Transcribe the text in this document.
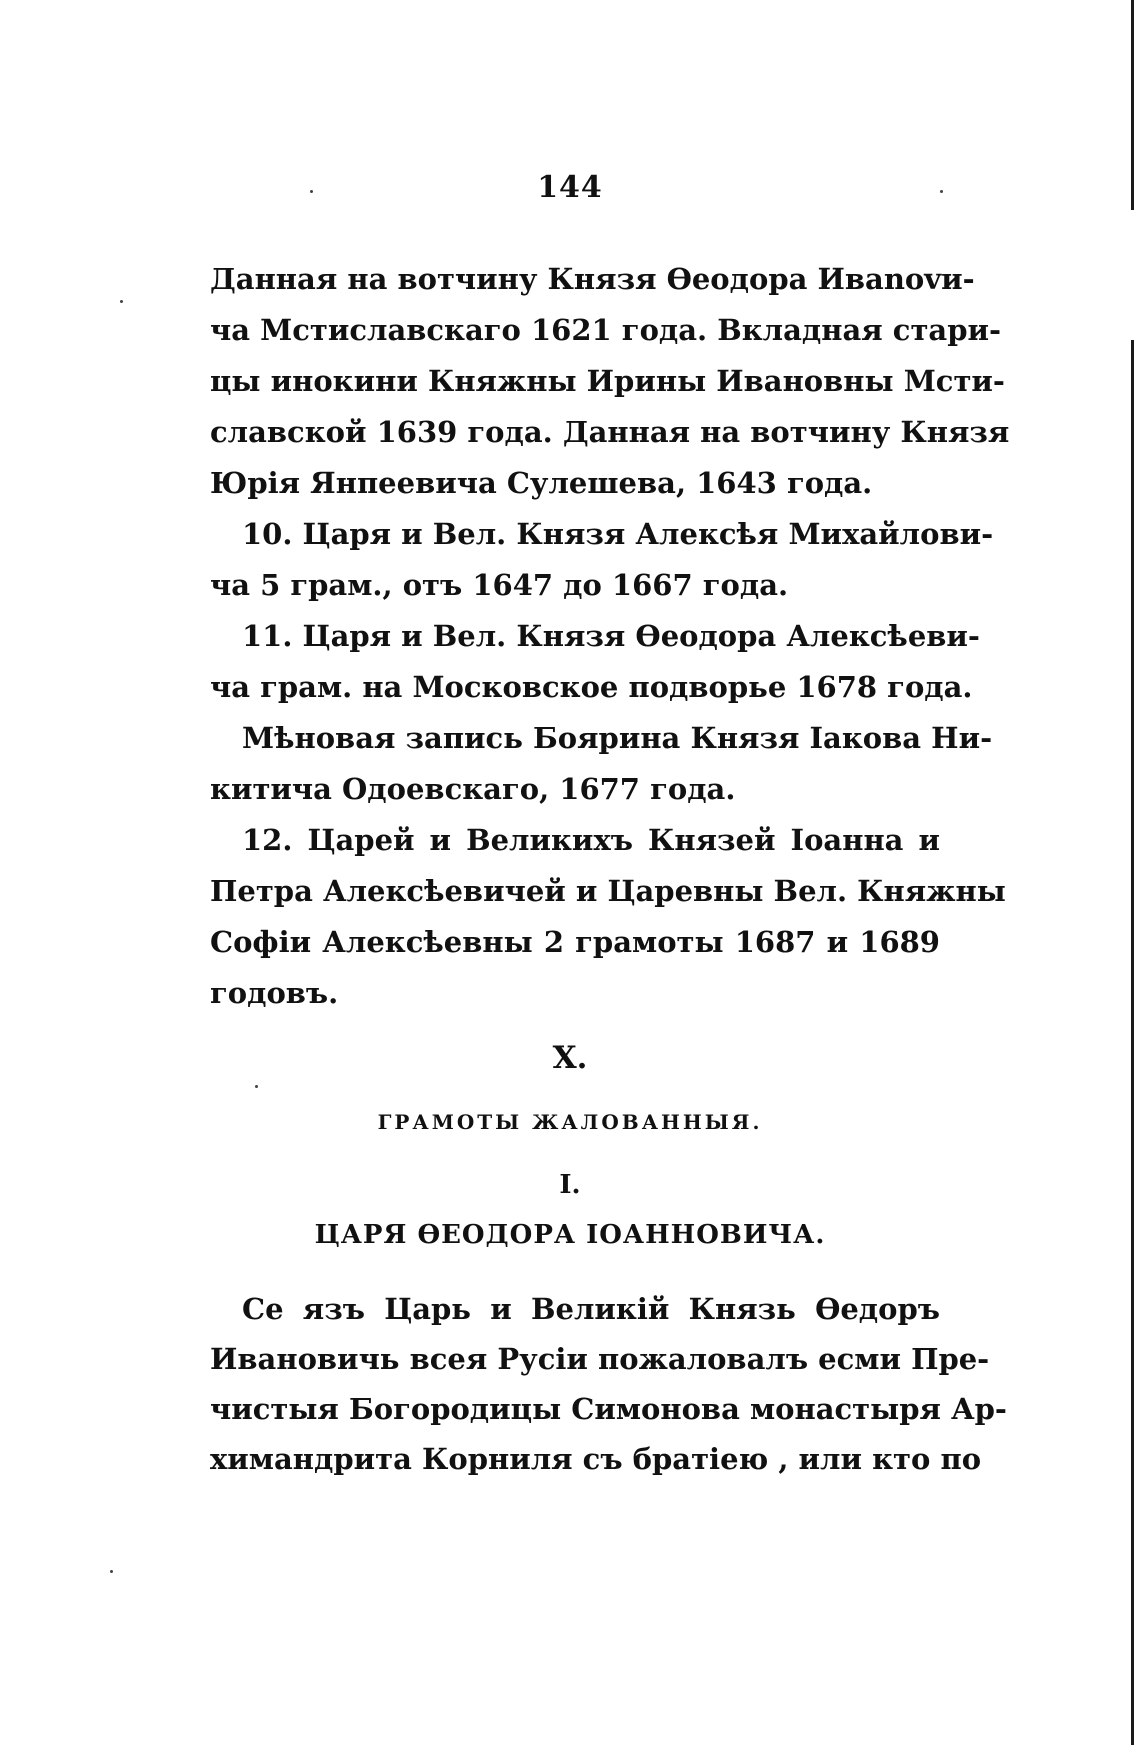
144

Данная на вотчину Князя Өеодора Ивanovи-
ча Мстиславскаго 1621 года. Вкладная стари-
цы инокини Княжны Ирины Ивановны Мсти-
славской 1639 года. Данная на вотчину Князя
Юрія Янпеевича Сулешева, 1643 года.

10. Царя и Вел. Князя Алексѣя Михайлови-
ча 5 грам., отъ 1647 до 1667 года.

11. Царя и Вел. Князя Өеодора Алексѣеви-
ча грам. на Московское подворье 1678 года.

Мѣновая запись Боярина Князя Іакова Ни-
китича Одоевскаго, 1677 года.

12. Царей и Великихъ Князей Іоанна и
Петра Алексѣевичей и Царевны Вел. Княжны
Софіи Алексѣевны 2 грамоты 1687 и 1689
годовъ.

X.
ГРАМОТЫ ЖАЛОВАННЫЯ.
I.
ЦАРЯ ӨЕОДОРА ІОАННОВИЧА.

Се язъ Царь и Великій Князь Өедоръ
Ивановичь всея Русіи пожаловалъ есми Пре-
чистыя Богородицы Симонова монастыря Ар-
химандрита Корниля съ братіею , или кто по
